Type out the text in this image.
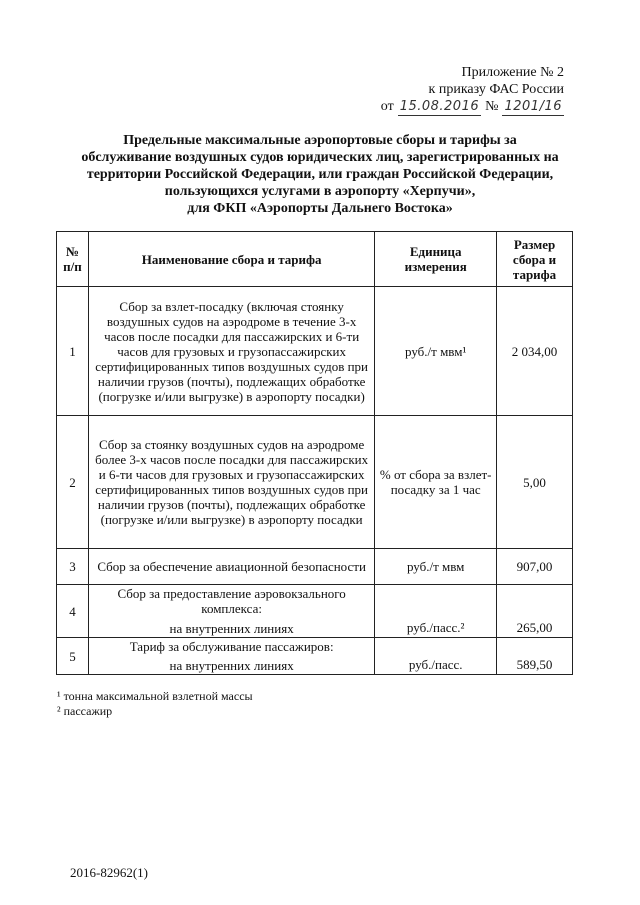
Приложение № 2
к приказу ФАС России
от 15.08.2016 № 1201/16
Предельные максимальные аэропортовые сборы и тарифы за
обслуживание воздушных судов юридических лиц, зарегистрированных на
территории Российской Федерации, или граждан Российской Федерации,
пользующихся услугами в аэропорту «Херпучи»,
для ФКП «Аэропорты Дальнего Востока»
№ п/п	Наименование сбора и тарифа	Единица измерения	Размер сбора и тарифа
1	Сбор за взлет-посадку (включая стоянку воздушных судов на аэродроме в течение 3-х часов после посадки для пассажирских и 6-ти часов для грузовых и грузопассажирских сертифицированных типов воздушных судов при наличии грузов (почты), подлежащих обработке (погрузке и/или выгрузке) в аэропорту посадки)	руб./т мвм¹	2 034,00
2	Сбор за стоянку воздушных судов на аэродроме более 3-х часов после посадки для пассажирских и 6-ти часов для грузовых и грузопассажирских сертифицированных типов воздушных судов при наличии грузов (почты), подлежащих обработке (погрузке и/или выгрузке) в аэропорту посадки	% от сбора за взлет-посадку за 1 час	5,00
3	Сбор за обеспечение авиационной безопасности	руб./т мвм	907,00
4	Сбор за предоставление аэровокзального комплекса:
на внутренних линиях	руб./пасс.²	265,00
5	Тариф за обслуживание пассажиров:
на внутренних линиях	руб./пасс.	589,50
¹ тонна максимальной взлетной массы
² пассажир
2016-82962(1)
